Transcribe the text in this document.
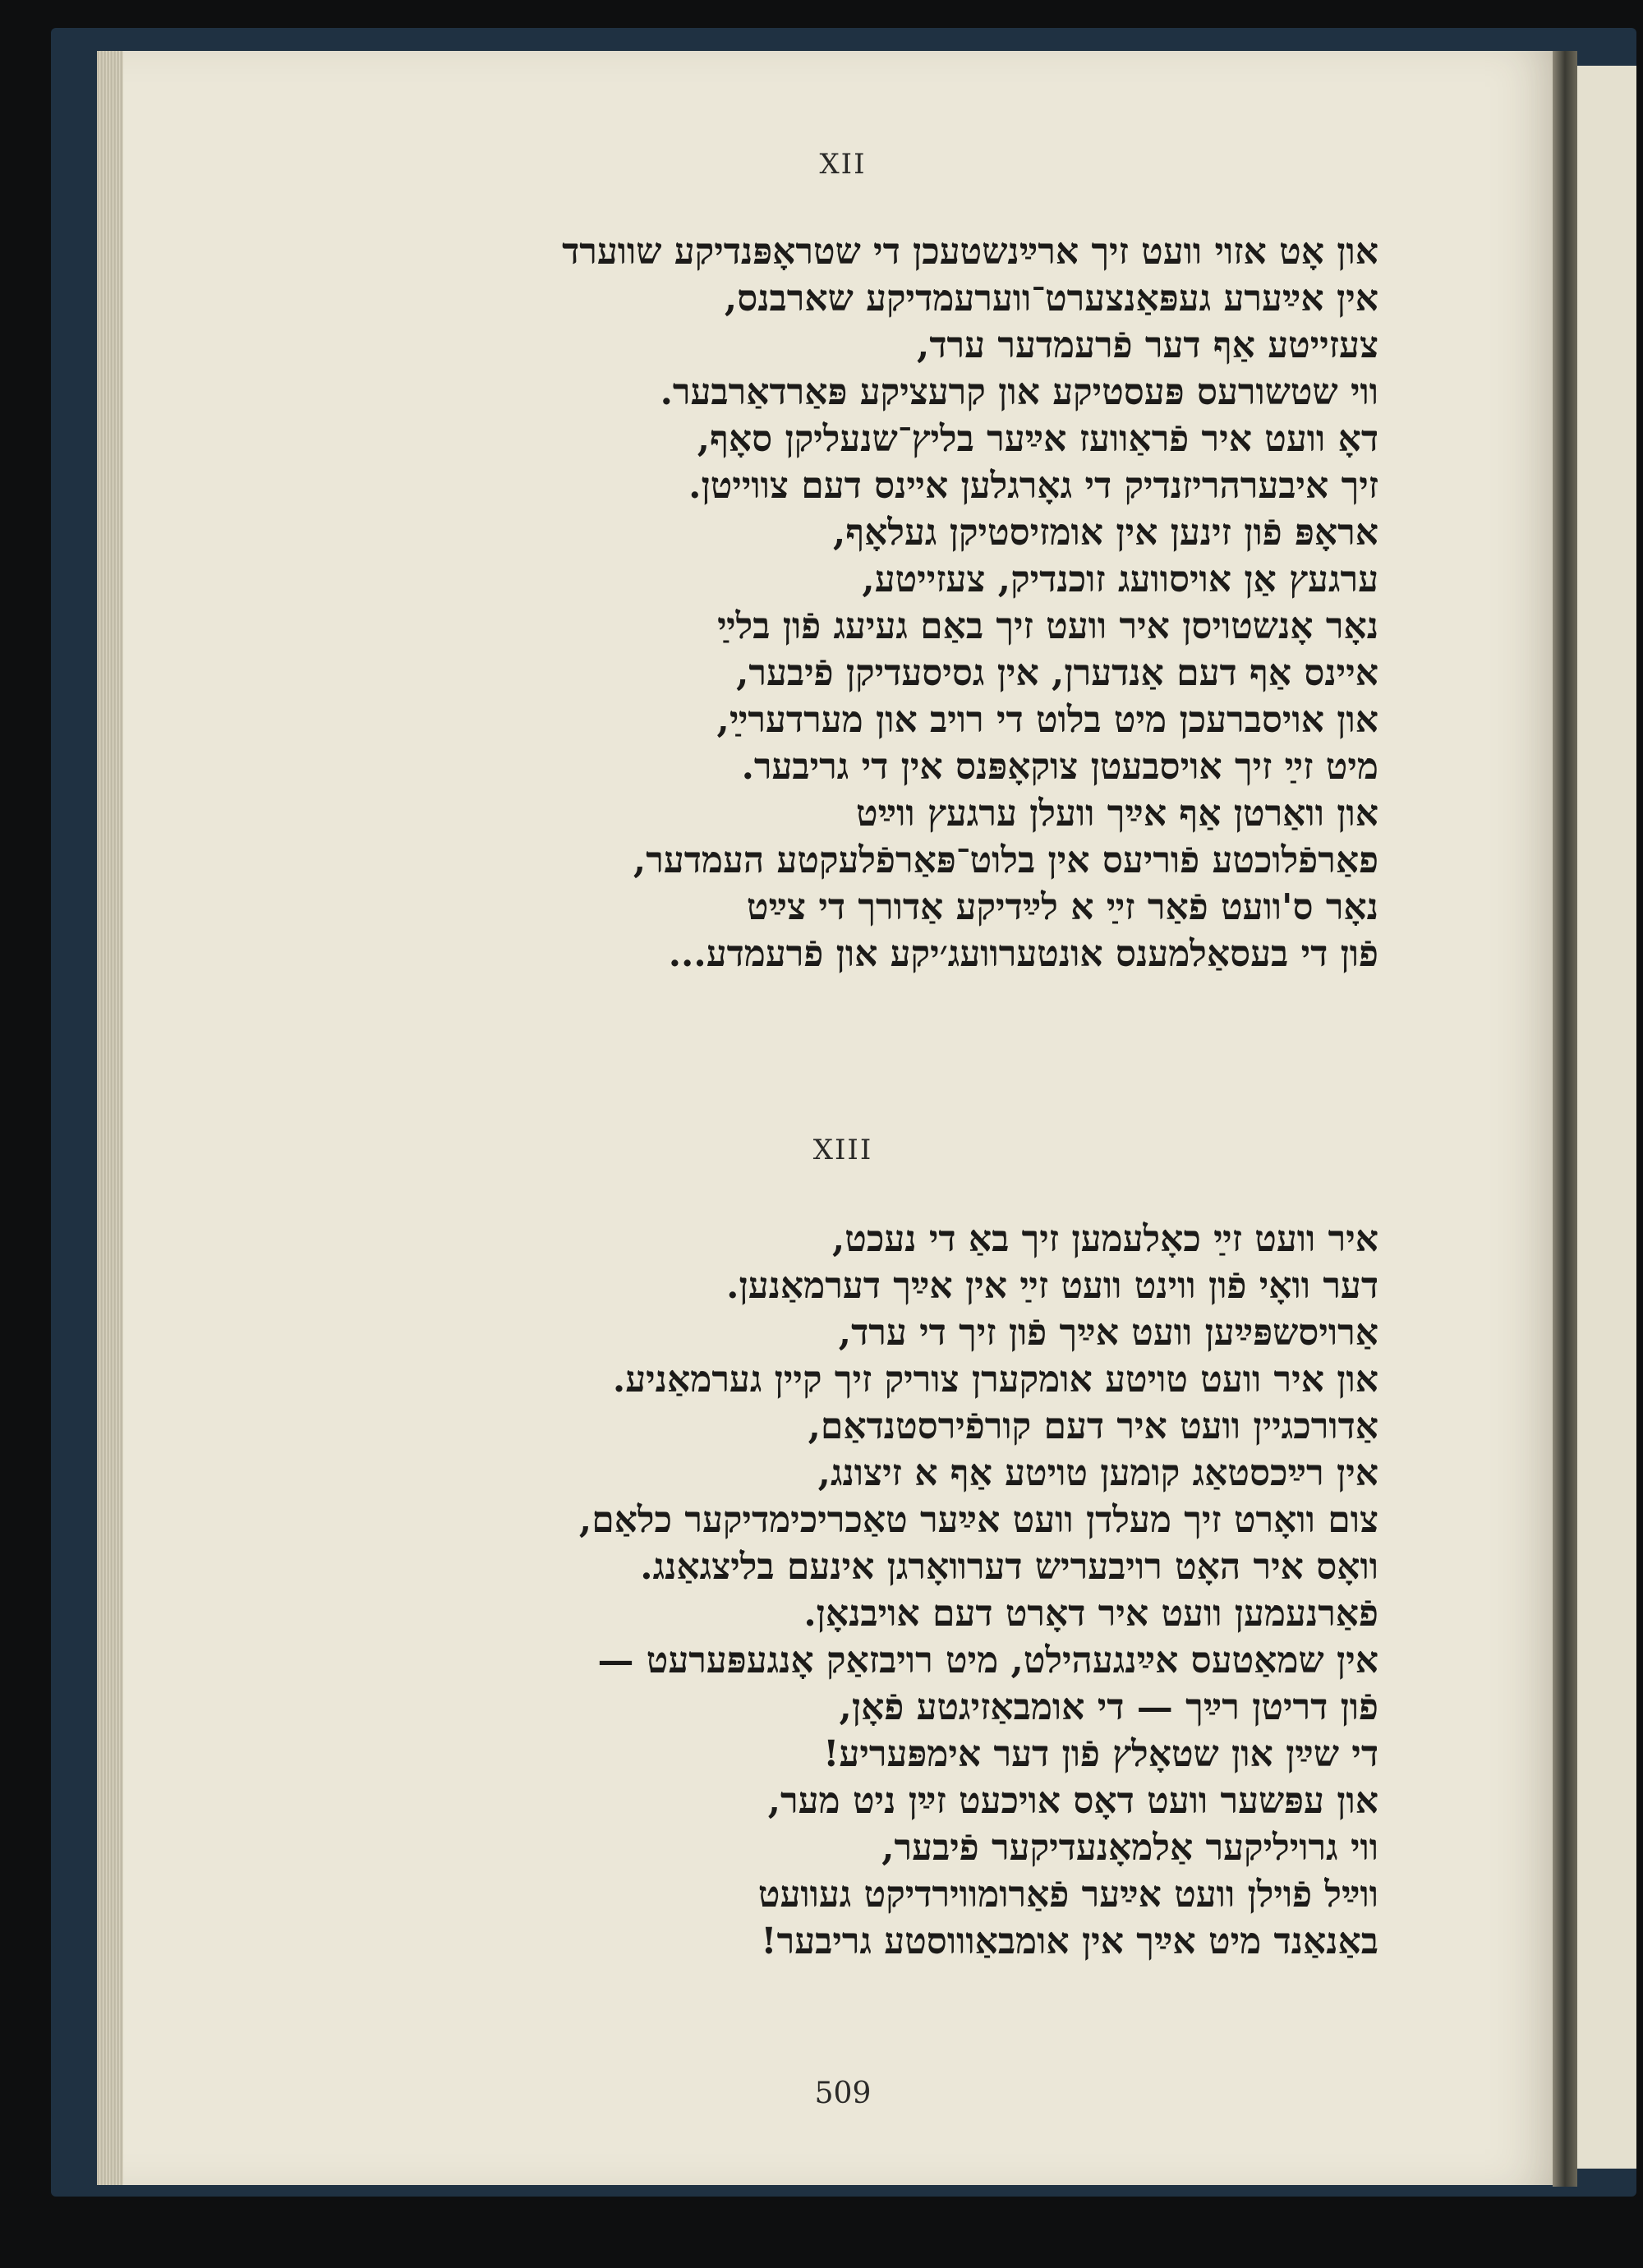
XII
און אָט אזוי וועט זיך ארײַנשטעכן די שטראָפּנדיקע שווערד
אין אײַערע געפּאַנצערט־ווערעמדיקע שארבנס,
צעזייטע אַף דער פֿרעמדער ערד,
ווי שטשורעס פּעסטיקע און קרעציקע פּאַרדאַרבער.
דאָ וועט איר פֿראַוועז אײַער בליץ־שנעליקן סאָף,
זיך איבערהריזנדיק די גאָרגלען אײנס דעם צווייטן.
אראָפּ פֿון זינען אין אומזיסטיקן געלאָף,
ערגעץ אַן אויסוועג זוכנדיק, צעזייטע,
נאָר אָנשטויסן איר וועט זיך באַם געיעג פֿון בלײַ
איינס אַף דעם אַנדערן, אין גסיסעדיקן פֿיבער,
און אויסברעכן מיט בלוט די רויב און מערדערײַ,
מיט זײַ זיך אויסבעטן צוקאָפּנס אין די גריבער.
און וואַרטן אַף אײַך וועלן ערגעץ ווײַט
פאַרפֿלוכטע פֿוריעס אין בלוט־פּאַרפֿלעקטע העמדער,
נאָר ס'וועט פֿאַר זײַ א לײַדיקע אַדורך די צײַט
פֿון די בעסאַלמענס אונטערוועג׳יקע און פֿרעמדע...
XIII
איר וועט זײַ כאָלעמען זיך באַ די נעכט,
דער וואָי פֿון ווינט וועט זײַ אין אײַך דערמאַנען.
אַרויסשפּײַען וועט אײַך פֿון זיך די ערד,
און איר וועט טויטע אומקערן צוריק זיך קיין גערמאַניע.
אַדורכגיין וועט איר דעם קורפֿירסטנדאַם,
אין רײַכסטאַג קומען טויטע אַף א זיצונג,
צום וואָרט זיך מעלדן וועט אײַער טאַכריכימדיקער כלאַם,
וואָס איר האָט רויבעריש דערװאָרגן אינעם בליצגאַנג.
פֿאַרנעמען וועט איר דאָרט דעם אויבנאָן.
אין שמאַטעס אײַנגעהילט, מיט רויבזאַק אָנגעפּערעט —
פֿון דריטן רײַך — די אומבאַזיגטע פֿאָן,
די שײַן און שטאָלץ פֿון דער אימפּעריע!
און עפּשער וועט דאָס אויכעט זײַן ניט מער,
ווי גרויליקער אַלמאָנעדיקער פֿיבער,
ווײַל פֿוילן וועט אײַער פֿאַרומווירדיקט געוועט
באַנאַנד מיט אײַך אין אומבאַוווסטע גריבער!
509
